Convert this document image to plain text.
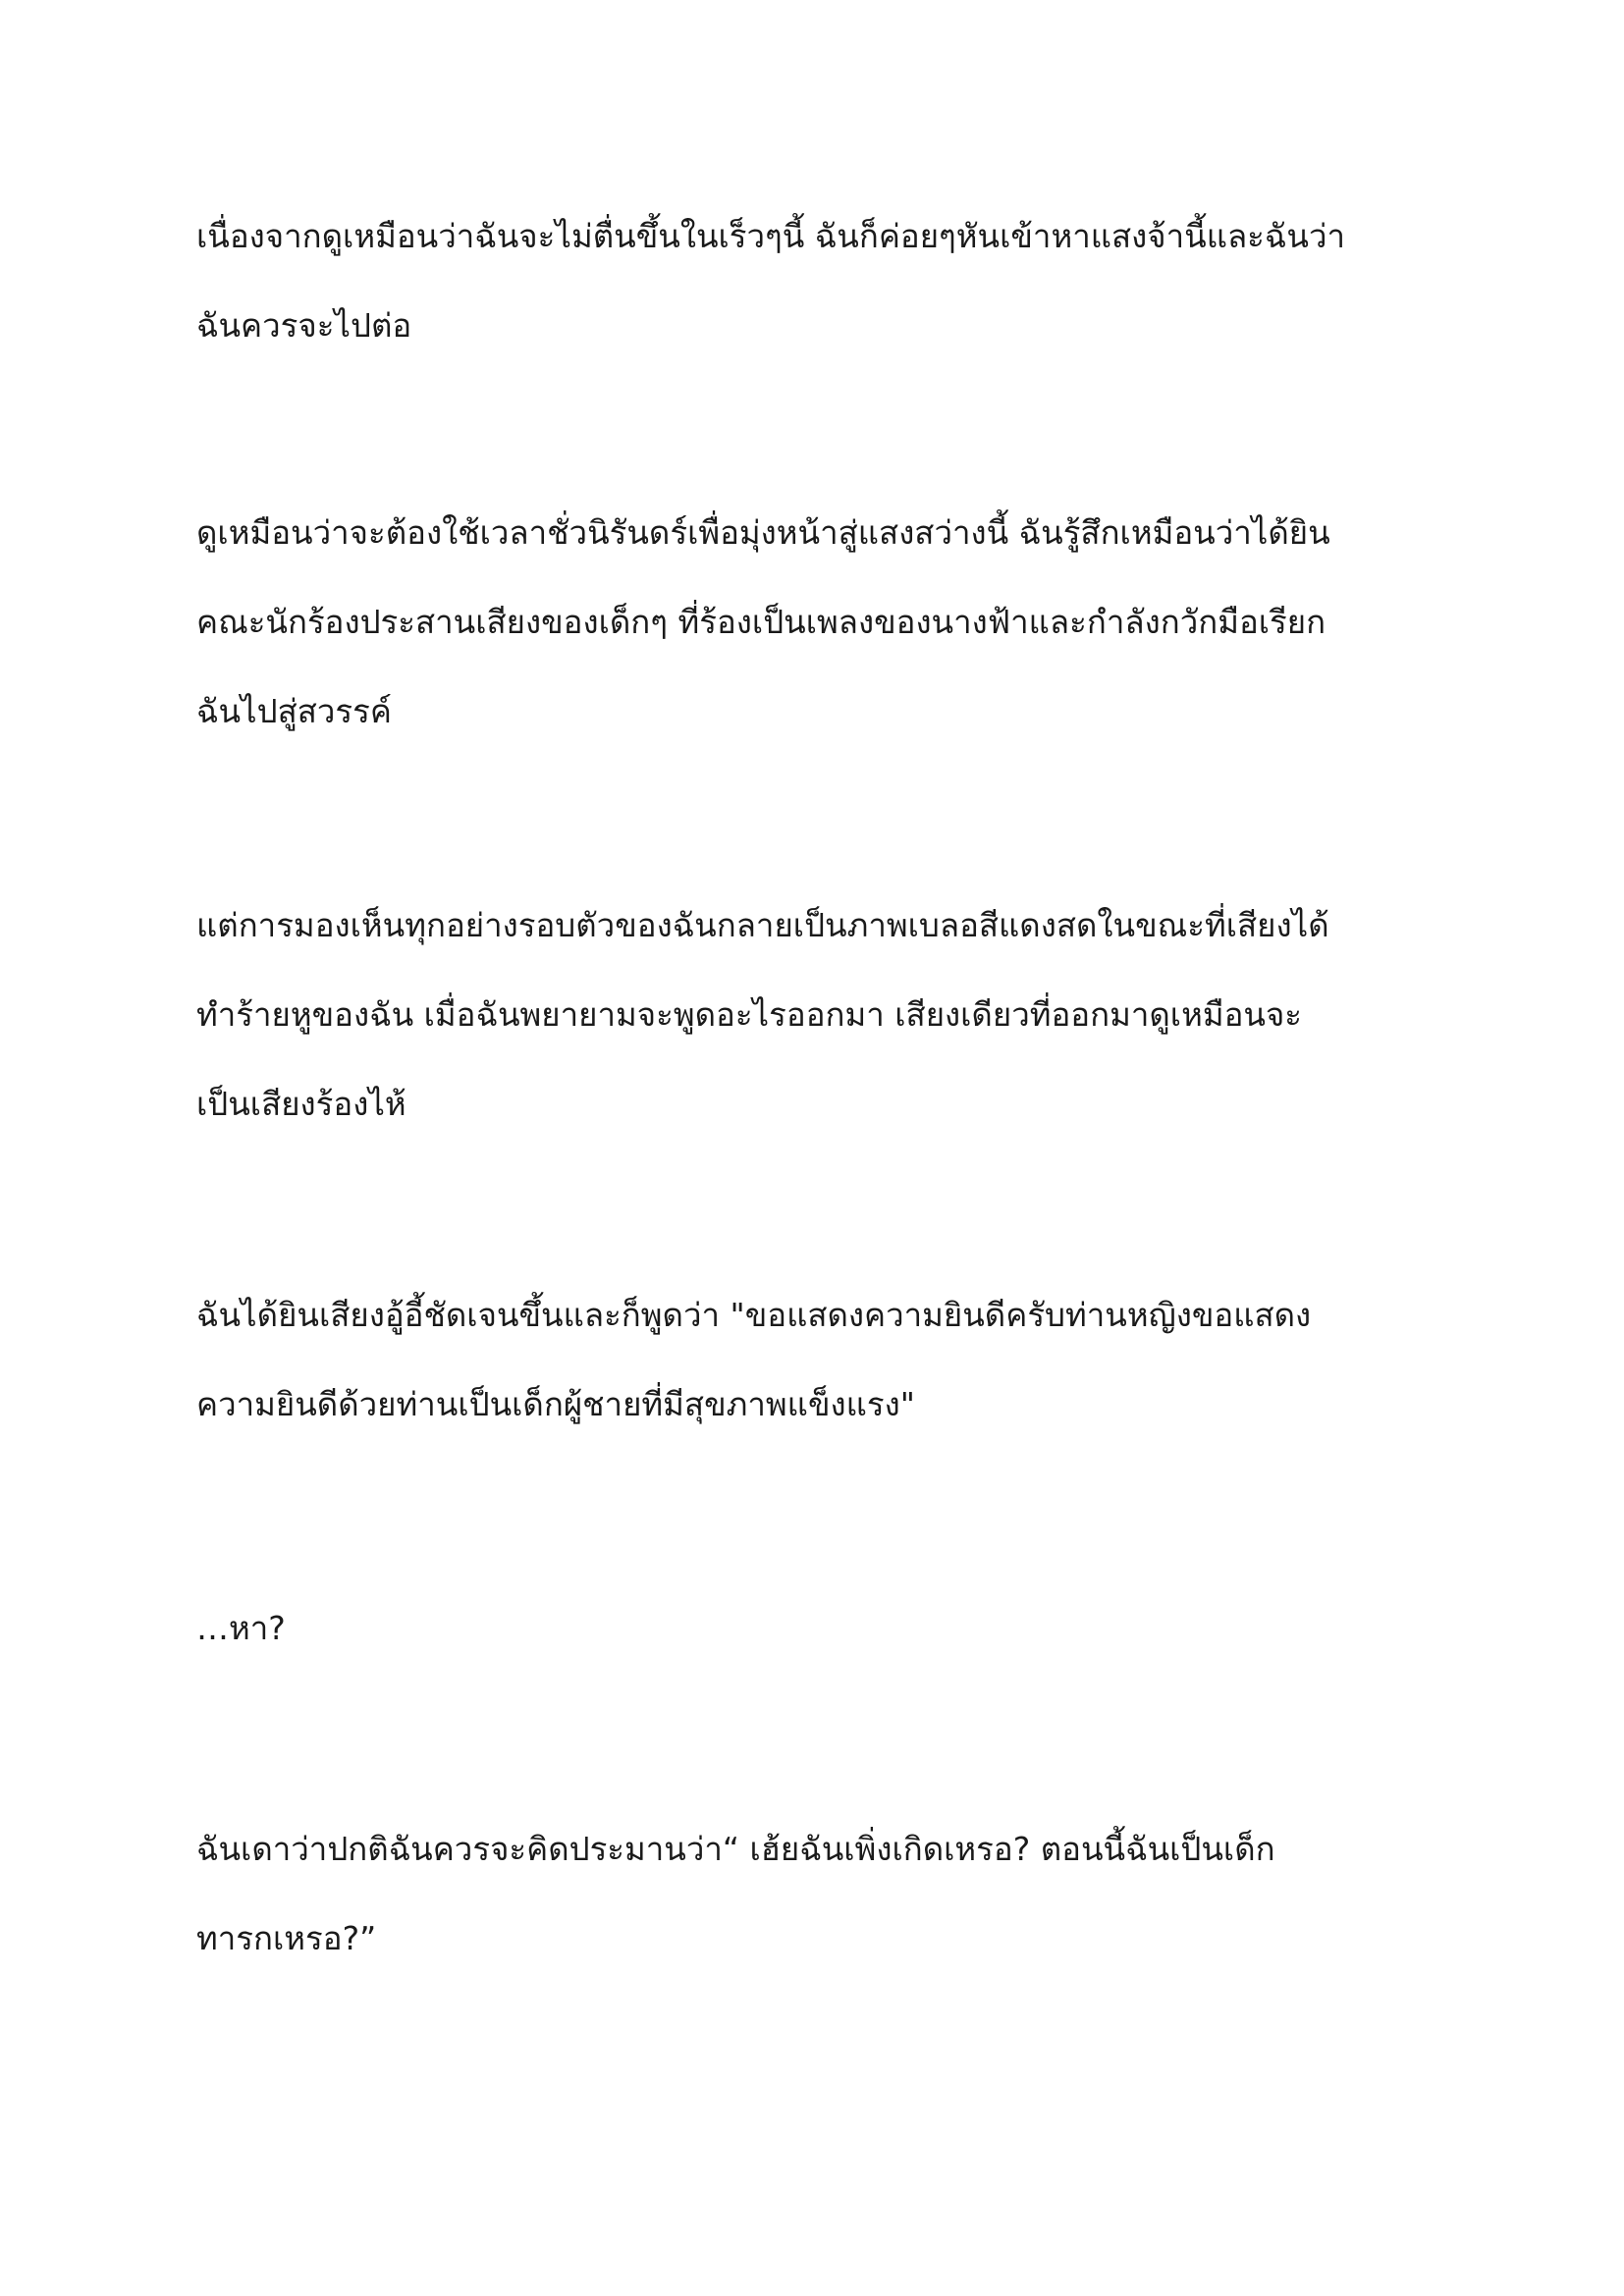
เนื่องจากดูเหมือนว่าฉันจะไม่ตื่นขึ้นในเร็วๆนี้ ฉันก็ค่อยๆหันเข้าหาแสงจ้านี้และฉันว่า
ฉันควรจะไปต่อ

ดูเหมือนว่าจะต้องใช้เวลาชั่วนิรันดร์เพื่อมุ่งหน้าสู่แสงสว่างนี้ ฉันรู้สึกเหมือนว่าได้ยิน
คณะนักร้องประสานเสียงของเด็กๆ ที่ร้องเป็นเพลงของนางฟ้าและกำลังกวักมือเรียก
ฉันไปสู่สวรรค์

แต่การมองเห็นทุกอย่างรอบตัวของฉันกลายเป็นภาพเบลอสีแดงสดในขณะที่เสียงได้
ทำร้ายหูของฉัน เมื่อฉันพยายามจะพูดอะไรออกมา เสียงเดียวที่ออกมาดูเหมือนจะ
เป็นเสียงร้องไห้

ฉันได้ยินเสียงอู้อี้ชัดเจนขึ้นและก็พูดว่า "ขอแสดงความยินดีครับท่านหญิงขอแสดง
ความยินดีด้วยท่านเป็นเด็กผู้ชายที่มีสุขภาพแข็งแรง"

…หา?

ฉันเดาว่าปกติฉันควรจะคิดประมานว่า“ เฮ้ยฉันเพิ่งเกิดเหรอ? ตอนนี้ฉันเป็นเด็ก
ทารกเหรอ?”
